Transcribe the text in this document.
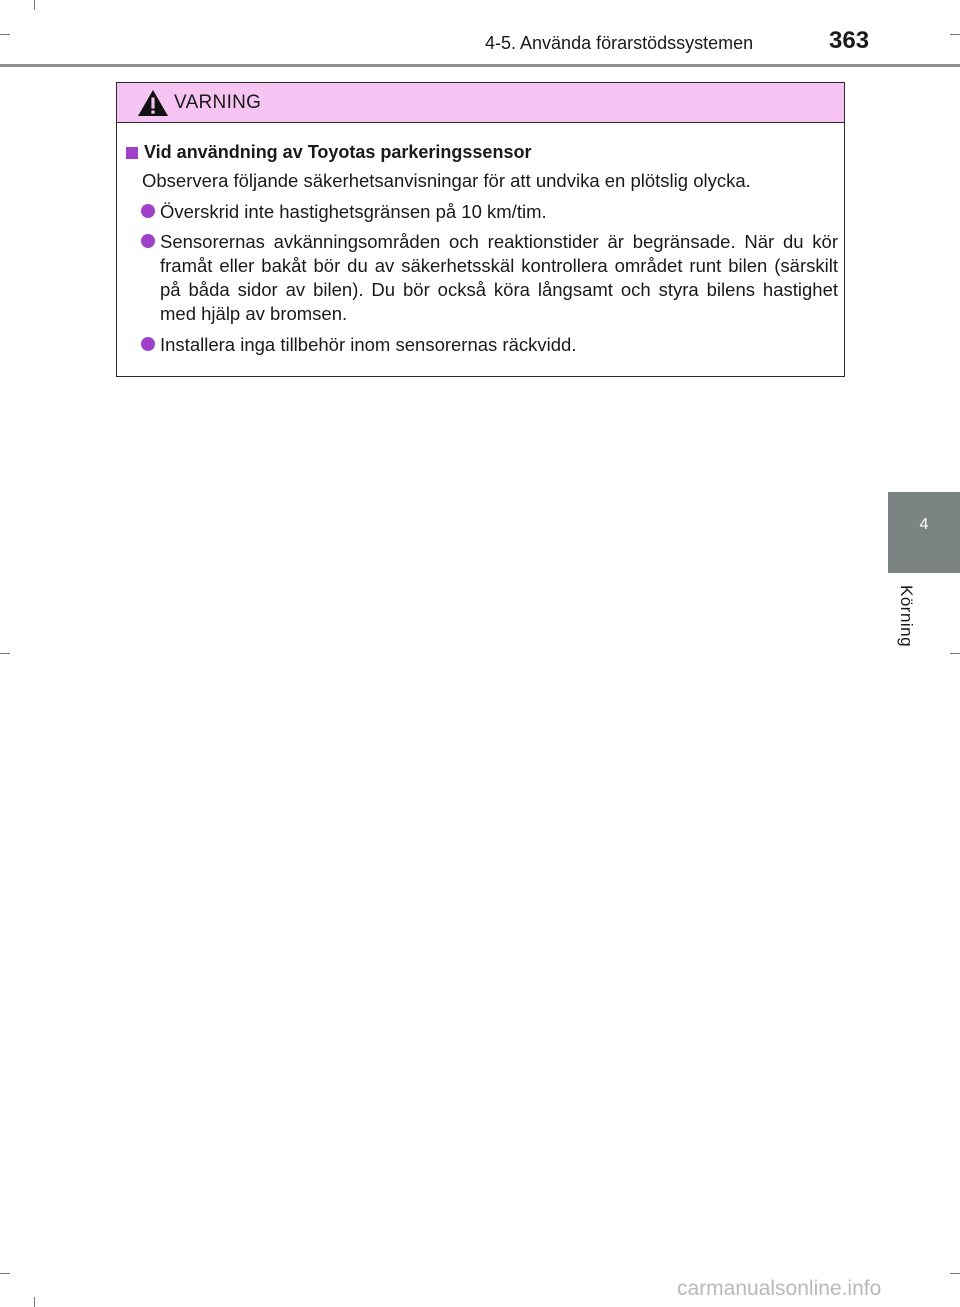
4-5. Använda förarstödssystemen	363
4
Körning
VARNING
Vid användning av Toyotas parkeringssensor
Observera följande säkerhetsanvisningar för att undvika en plötslig olycka.
Överskrid inte hastighetsgränsen på 10 km/tim.
Sensorernas avkänningsområden och reaktionstider är begränsade. När du kör framåt eller bakåt bör du av säkerhetsskäl kontrollera området runt bilen (särskilt på båda sidor av bilen). Du bör också köra långsamt och styra bilens hastighet med hjälp av bromsen.
Installera inga tillbehör inom sensorernas räckvidd.
carmanualsonline.info
